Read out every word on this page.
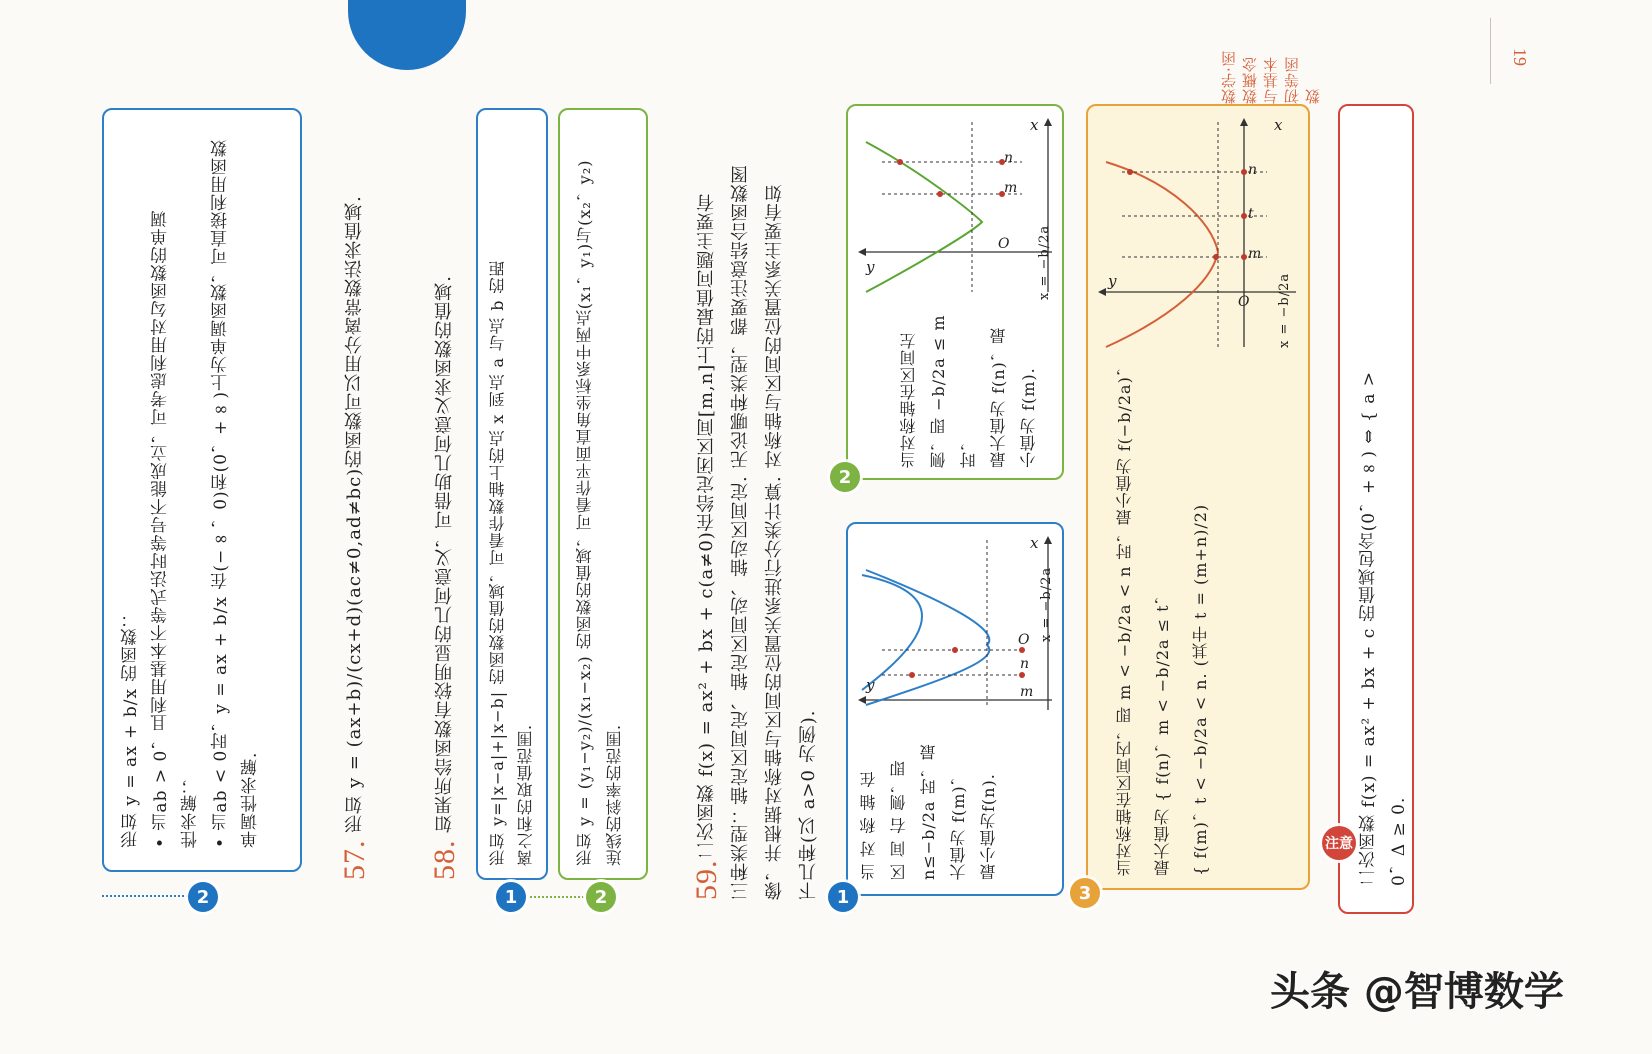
数学·函数概念与基本初等函数
19
形如 y = ax + b/x 的函数： • 当ab > 0，且利用基本不等式法时等号不能成立，可考虑利用对勾函数的单调 性求解； • 当ab < 0时，y = ax + b/x 在(−∞，0)和(0，+∞)上为单调函数，可直接利用函数 单调性求解.
2
57. 形如 y = (ax+b)/(cx+d)(ac≠0,ad≠bc)的函数可以用分离常数法求值域.
58. 如果所给函数有较明显的几何意义，可借助几何意义求函数的值域.	形如 y=|x−a|+|x−b| 的函数的值域，可看作数轴上的点 x 到点 a 与点 b 的距 离之和的取值范围.
1
形如 y = (y₁−y₂)/(x₁−x₂) 的函数的值域，可看作平面直角坐标系中两点(x₁，y₁)与(x₂，y₂) 连线的斜率的范围.
2	59.二次函数 f(x) = ax² + bx + c(a≠0)在给定闭区间[m,n]上的最值问题主要有 三种类型：轴定区间定、轴定区间动、轴动区间定. 无论哪种类型，都要注意结合函数图 像，并根据对称轴与区间的位置关系进行分类计算. 对称轴与区间的位置关系主要有如 下几种(以 a>0 为例).	当 对 称 轴 在 区 间 右 侧，即 n≤−b/2a 时，最 大值为 f(m)， 最小值为f(n).
x
y
O
m
n
x = −b/2a
1
当对称轴在区间左 侧，即 −b/2a ≤ m 时， 最大值为 f(n)，最 小值为 f(m).
x
y
O
m
n
x = −b/2a
2	当对称轴在区间内，即 m < −b/2a < n 时，最小值为 f(−b/2a)，	最大值为 { f(n)，m < −b/2a ≤ t，	{ f(m)，t < −b/2a < n. (其中 t = (m+n)/2)
x
y
O
m
t
n
x = −b/2a
3
二次函数 f(x) = ax² + bx + c 的值域包含(0，+∞) ⇔ { a > 0，Δ ≥ 0.
注意
头条 @智博数学
